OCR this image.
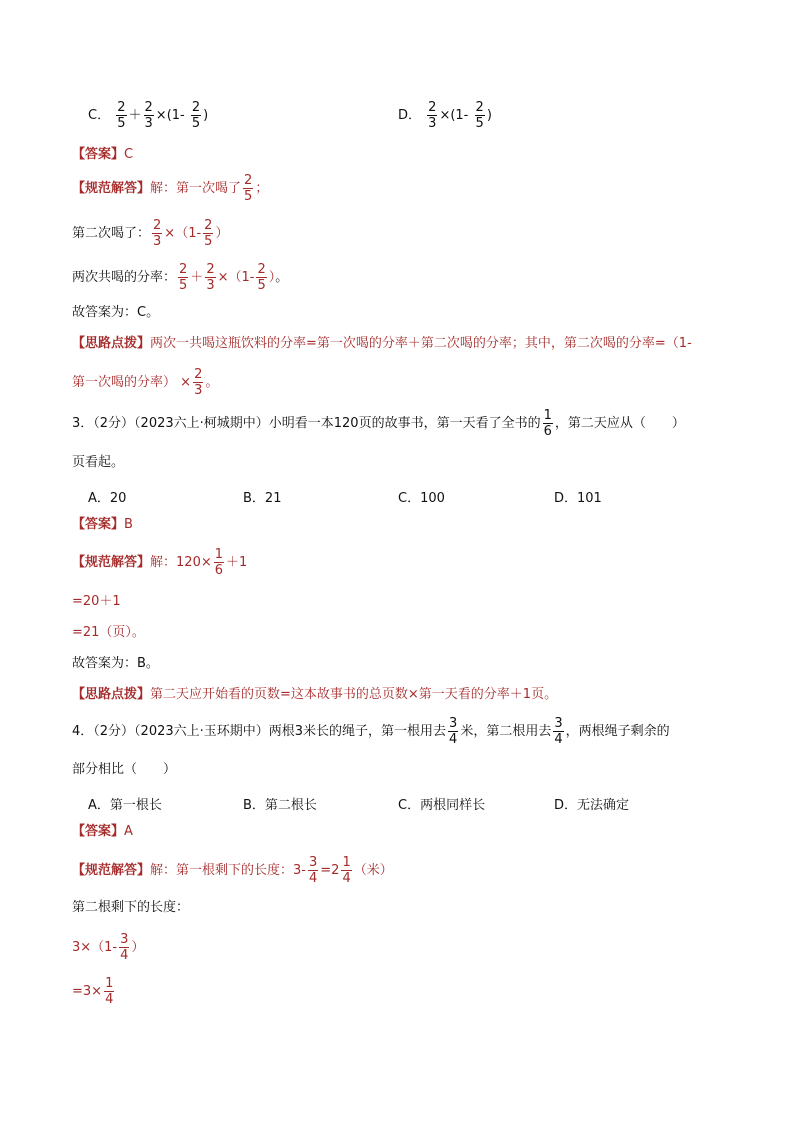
C． $\frac{2}{5} + \frac{2}{3} \times(1- \frac{2}{5}$ )	D． $\frac{2}{3} \times(1- \frac{2}{5}$ )
【答案】C
【规范解答】解：第一次喝了 $\frac{2}{5}$ ；
第二次喝了： $\frac{2}{3} \times(1- \frac{2}{5}$ ）
两次共喝的分率： $\frac{2}{5} + \frac{2}{3} \times(1- \frac{2}{5}$ ）。
故答案为：C。
【思路点拨】两次一共喝这瓶饮料的分率=第一次喝的分率＋第二次喝的分率；其中，第二次喝的分率=（1-
第一次喝的分率） × $\frac{2}{3}$ 。
3．（2分）（2023六上·柯城期中）小明看一本120页的故事书，第一天看了全书的 $\frac{1}{6}$ ，第二天应从（　　）
页看起。
A．20	B．21	C．100	D．101
【答案】B
【规范解答】解：$120\times \frac{1}{6} +1$
=20＋1
=21（页）。
故答案为：B。
【思路点拨】第二天应开始看的页数=这本故事书的总页数×第一天看的分率＋1页。
4．（2分）（2023六上·玉环期中）两根3米长的绳子，第一根用去 $\frac{3}{4}$ 米，第二根用去 $\frac{3}{4}$ ，两根绳子剩余的
部分相比（　　）
A．第一根长	B．第二根长	C．两根同样长	D．无法确定
【答案】A
【规范解答】解：第一根剩下的长度：$3- \frac{3}{4} =2 \frac{1}{4}$ （米）
第二根剩下的长度：
$3\times(1- \frac{3}{4}$ ）
$=3\times \frac{1}{4}$
